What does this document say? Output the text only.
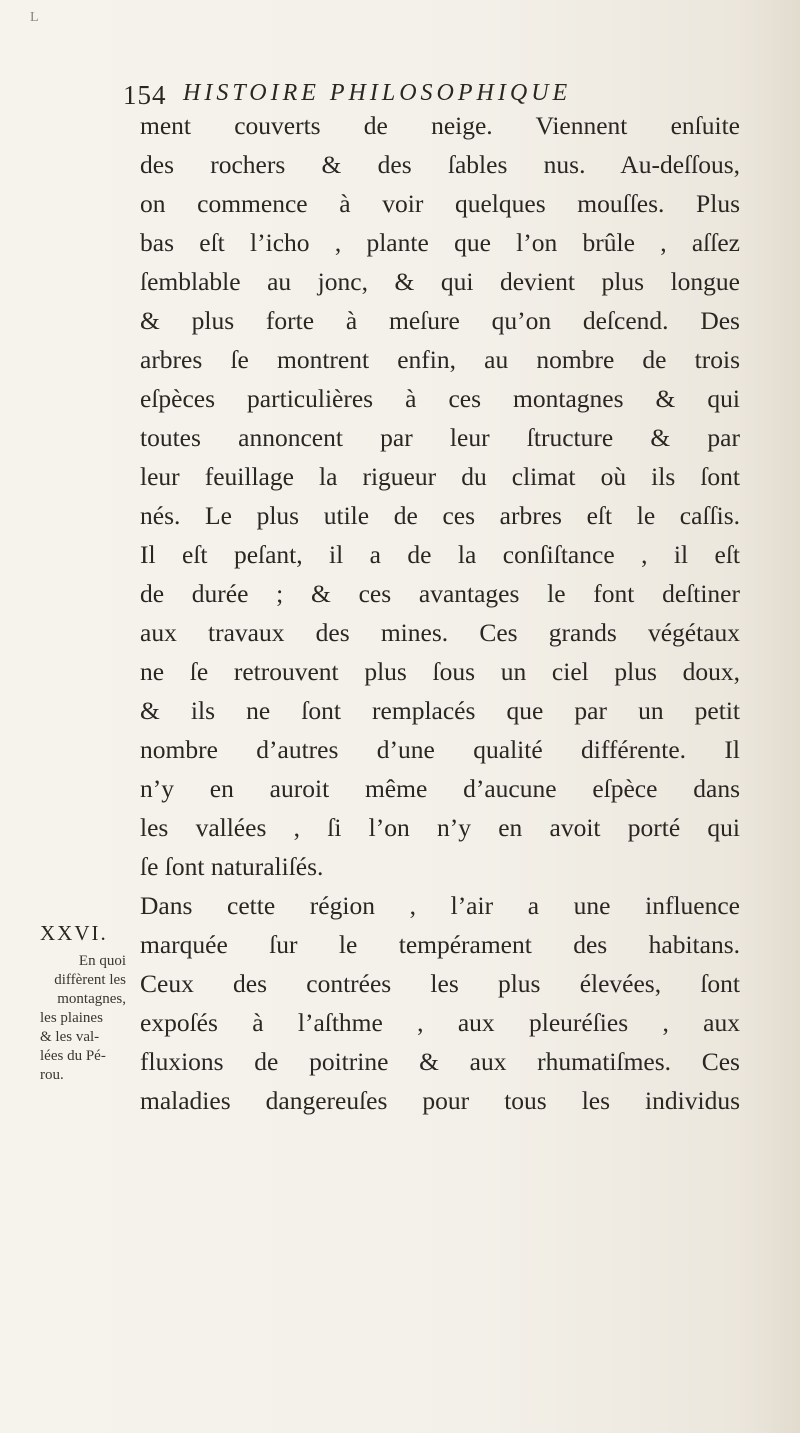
L
154 HISTOIRE PHILOSOPHIQUE
ment couverts de neige. Viennent enſuite
des rochers & des ſables nus. Au-deſſous,
on commence à voir quelques mouſſes. Plus
bas eſt l’icho , plante que l’on brûle , aſſez
ſemblable au jonc, & qui devient plus longue
& plus forte à meſure qu’on deſcend. Des
arbres ſe montrent enfin, au nombre de trois
eſpèces particulières à ces montagnes & qui
toutes annoncent par leur ſtructure & par
leur feuillage la rigueur du climat où ils ſont
nés. Le plus utile de ces arbres eſt le caſſis.
Il eſt peſant, il a de la conſiſtance , il eſt
de durée ; & ces avantages le font deſtiner
aux travaux des mines. Ces grands végétaux
ne ſe retrouvent plus ſous un ciel plus doux,
& ils ne ſont remplacés que par un petit
nombre d’autres d’une qualité différente. Il
n’y en auroit même d’aucune eſpèce dans
les vallées , ſi l’on n’y en avoit porté qui
ſe ſont naturaliſés.
Dans cette région , l’air a une influence
marquée ſur le tempérament des habitans.
Ceux des contrées les plus élevées, ſont
expoſés à l’aſthme , aux pleuréſies , aux
fluxions de poitrine & aux rhumatiſmes. Ces
maladies dangereuſes pour tous les individus
XXVI.
En quoi
diffèrent les
montagnes,
les plaines
& les val-
lées du Pé-
rou.
